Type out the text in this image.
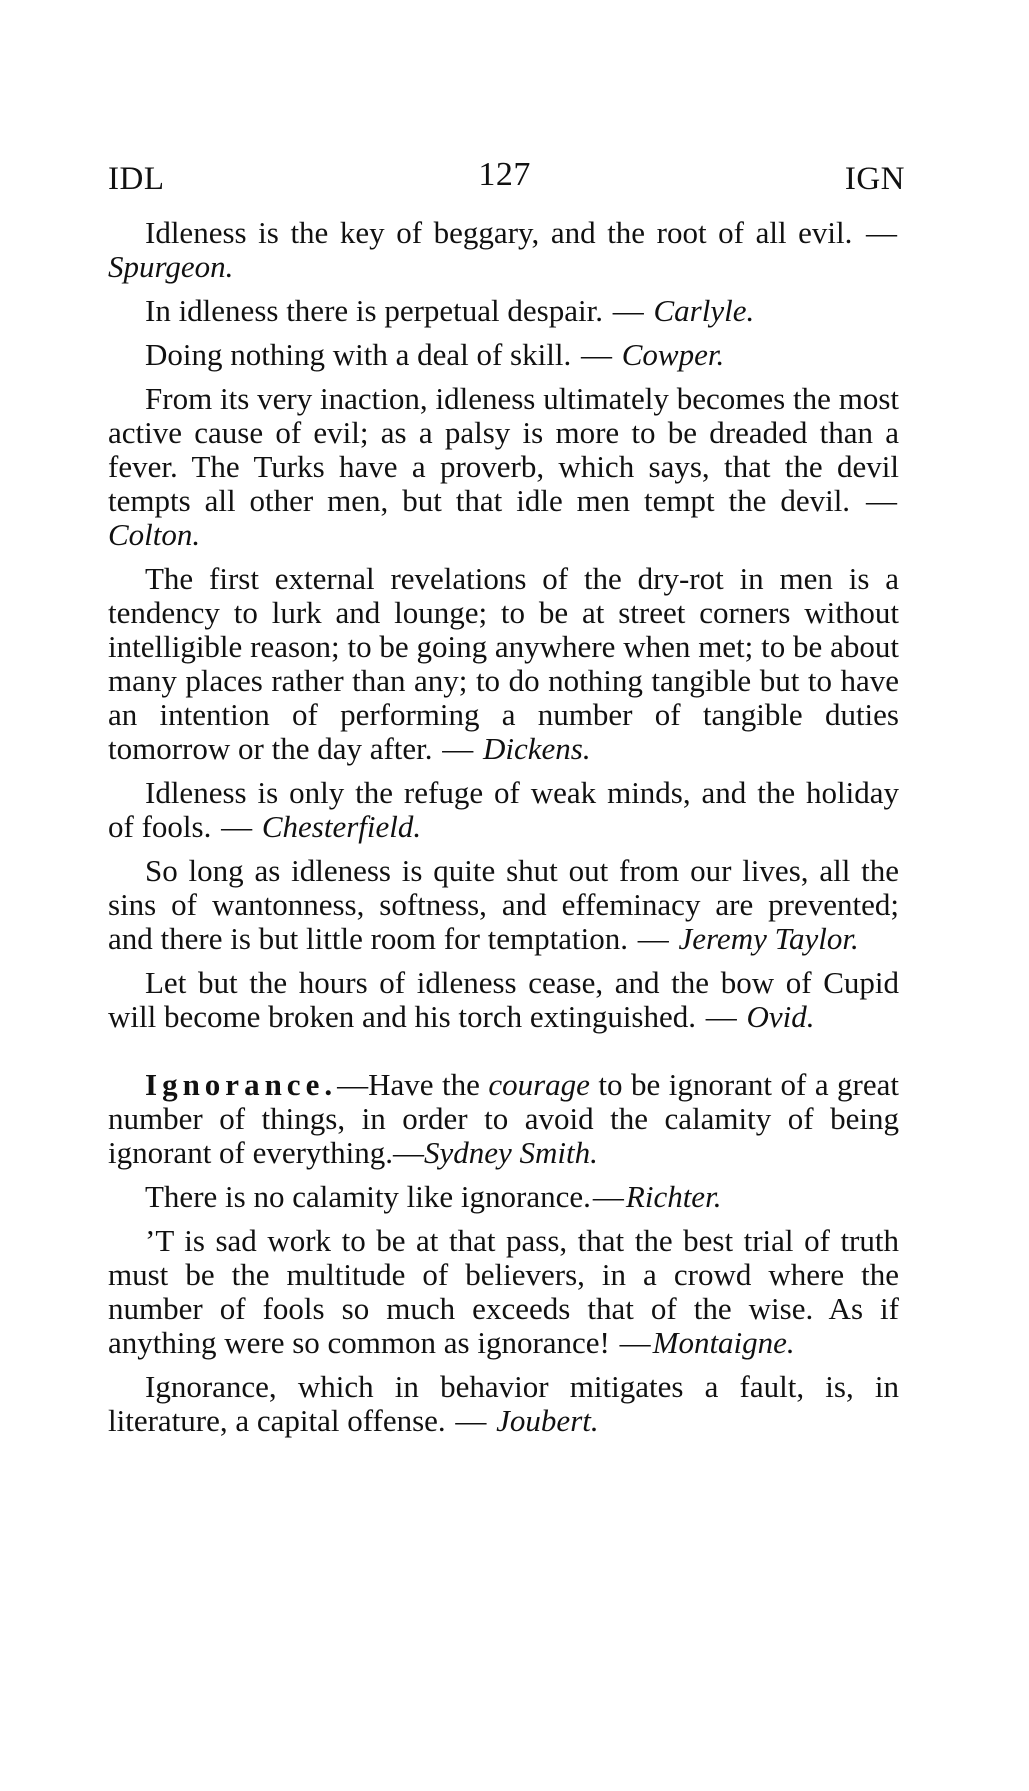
IDL	127	IGN

Idleness is the key of beggary, and the root of all evil. — Spurgeon.

In idleness there is perpetual despair. — Carlyle.

Doing nothing with a deal of skill. — Cowper.

From its very inaction, idleness ultimately becomes the most active cause of evil; as a palsy is more to be dreaded than a fever. The Turks have a proverb, which says, that the devil tempts all other men, but that idle men tempt the devil. — Colton.

The first external revelations of the dry-rot in men is a tendency to lurk and lounge; to be at street corners without intelligible reason; to be going anywhere when met; to be about many places rather than any; to do nothing tangible but to have an intention of performing a number of tangible duties tomorrow or the day after. — Dickens.

Idleness is only the refuge of weak minds, and the holiday of fools. — Chesterfield.

So long as idleness is quite shut out from our lives, all the sins of wantonness, softness, and effeminacy are prevented; and there is but little room for temptation. — Jeremy Taylor.

Let but the hours of idleness cease, and the bow of Cupid will become broken and his torch extinguished. — Ovid.

Ignorance.—Have the courage to be ignorant of a great number of things, in order to avoid the calamity of being ignorant of everything.—Sydney Smith.

There is no calamity like ignorance.—Richter.

’T is sad work to be at that pass, that the best trial of truth must be the multitude of believers, in a crowd where the number of fools so much exceeds that of the wise. As if anything were so common as ignorance! —Montaigne.

Ignorance, which in behavior mitigates a fault, is, in literature, a capital offense. — Joubert.
